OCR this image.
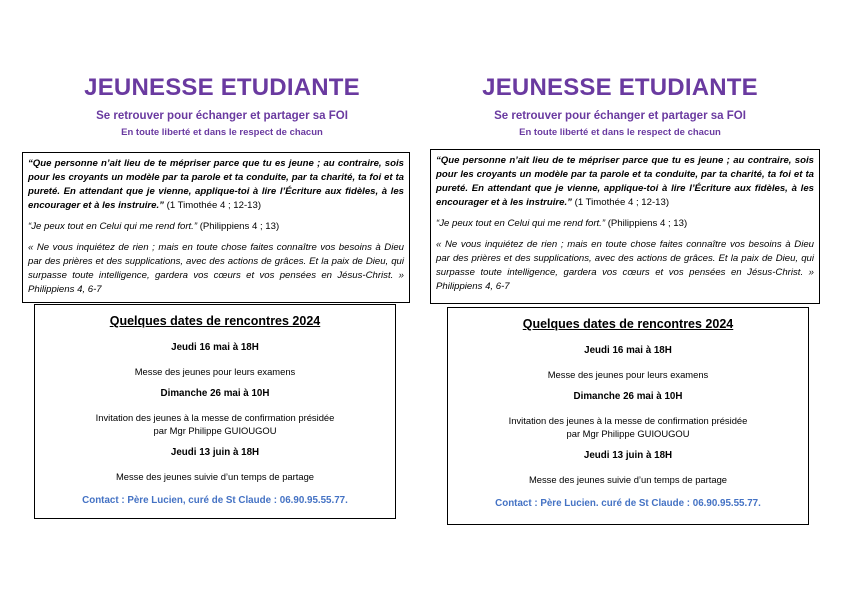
JEUNESSE ETUDIANTE
Se retrouver pour échanger et partager sa FOI
En toute liberté et dans le respect de chacun

“Que personne n’ait lieu de te mépriser parce que tu es jeune ; au contraire, sois pour les croyants un modèle par ta parole et ta conduite, par ta charité, ta foi et ta pureté. En attendant que je vienne, applique-toi à lire l’Écriture aux fidèles, à les encourager et à les instruire.” (1 Timothée 4 ; 12-13)

“Je peux tout en Celui qui me rend fort.” (Philippiens 4 ; 13)

« Ne vous inquiétez de rien ; mais en toute chose faites connaître vos besoins à Dieu par des prières et des supplications, avec des actions de grâces. Et la paix de Dieu, qui surpasse toute intelligence, gardera vos cœurs et vos pensées en Jésus-Christ. » Philippiens 4, 6-7

Quelques dates de rencontres 2024
Jeudi 16 mai à 18H
Messe des jeunes pour leurs examens
Dimanche 26 mai à 10H
Invitation des jeunes à la messe de confirmation présidée
par Mgr Philippe GUIOUGOU
Jeudi 13 juin à 18H
Messe des jeunes suivie d’un temps de partage
Contact : Père Lucien, curé de St Claude : 06.90.95.55.77.
JEUNESSE ETUDIANTE
Se retrouver pour échanger et partager sa FOI
En toute liberté et dans le respect de chacun

“Que personne n’ait lieu de te mépriser parce que tu es jeune ; au contraire, sois pour les croyants un modèle par ta parole et ta conduite, par ta charité, ta foi et ta pureté. En attendant que je vienne, applique-toi à lire l’Écriture aux fidèles, à les encourager et à les instruire.” (1 Timothée 4 ; 12-13)

“Je peux tout en Celui qui me rend fort.” (Philippiens 4 ; 13)

« Ne vous inquiétez de rien ; mais en toute chose faites connaître vos besoins à Dieu par des prières et des supplications, avec des actions de grâces. Et la paix de Dieu, qui surpasse toute intelligence, gardera vos cœurs et vos pensées en Jésus-Christ. » Philippiens 4, 6-7

Quelques dates de rencontres 2024
Jeudi 16 mai à 18H
Messe des jeunes pour leurs examens
Dimanche 26 mai à 10H
Invitation des jeunes à la messe de confirmation présidée
par Mgr Philippe GUIOUGOU
Jeudi 13 juin à 18H
Messe des jeunes suivie d’un temps de partage
Contact : Père Lucien. curé de St Claude : 06.90.95.55.77.
